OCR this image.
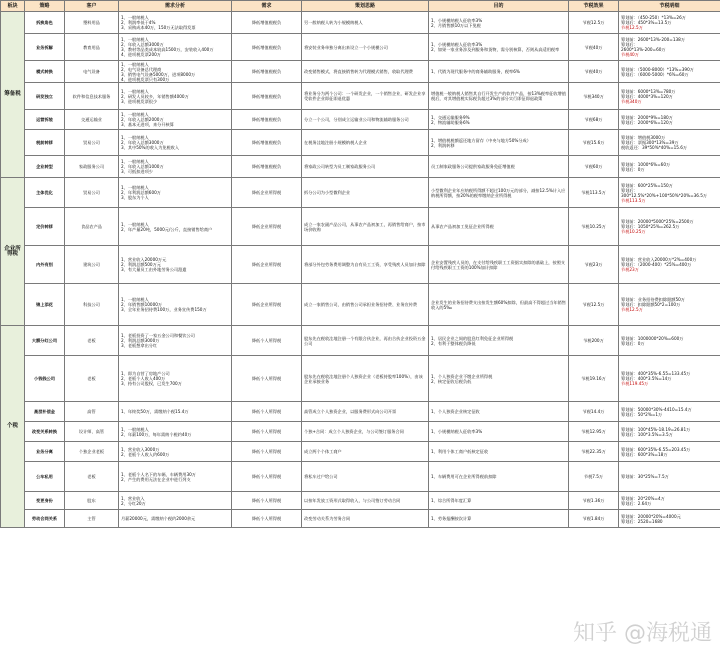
板块	策略	客户	需求分析	需求	策划思路	目的	节税效果	节税明细
筹备税	拆换角色	塑料用品	1、一般纳税人
2、利润率低于4%
3、采购成本40万，150万无法取得发票	降低增值税税负	另一般纳税人转为小规模纳税人	1、小规模纳税人征收率3%
2、月销售额10万以下免税	节税12.5万	筹划前：（450-250）*13%=26万
筹划后：450*3%=13.5万
节税12.5万
	业务拆解	教育用品	1、一般纳税人
2、年收入总额3000万
3、教材等品类成本较高1500万，安装收入400万
4、进项税发票200万	降低增值税税负	将安装业务单独分离出来设立一个小规模公司	1、小规模纳税人征收率3%
2、如果一家业务涉及到服务和货物，需分别核算，否则从高适用税率	节税40万	筹划前：2600*13%-200=138万
筹划后：
2600*13%-200=60万
节税40万
	模式转换	电气设备	1、一般纳税人
2、电气设备总代理商
3、销售电气设备5000万，进项8000万
4、进项税发票只有300万	降低增值税税负	改变销售模式，将直接销售转为代理模式销售，收取代理费	1、代销为现代服务中的商务辅助服务，税率6%	节税40万	筹划前：（5000-8000）*13%=390万
筹划后：（6000-5000）*6%=60万
	研发独立	软件和信息技术服务	1、一般纳税人
2、研发人员较多，年销售额4000万
3、进项税发票很少	降低增值税税负	将业务分为两个公司：一个研发企业，一个销售企业，研发企业享受软件企业即征即退优惠	增值税一般纳税人销售其自行开发生产的软件产品，按13%税率征收增值税后，对其增值税实际税负超过3%的部分实行即征即退政策	节税340万	筹划前：6000*13%=780万
筹划后：4000*3%=120万
节税340万
	运营拆装	交通运输业	1、一般纳税人
2、年收入总额2000万
3、基本无进项，来分开核算	降低增值税税负	分立一个公司，分别成立运输业公司和物流辅助服务公司	1、交通运输服务9%
2、物流辅助服务6%	节税68万	筹划前：2000*9%=180万
筹划后：2000*6%=120万
	税前转移	贸易公司	1、一般纳税人
2、年收入总额3000万
3、其中50%的收入为免税收入	降低增值税税负	在税务洼地注册小规模纳税人企业	1、增值税税额返还地方留存（中央与地方50%分成）
2、利润转移	节税15.6万	筹划前：增值税3000万
筹划后：票据300*13%=39万
税收返还：39*50%*40%=15.6万
	企业转型	家政服务公司	1、一般纳税人
2、年收入总额1000万
3、可抵扣进项少	降低增值税税负	将家政公司转型为员工制家政服务公司	员工制家政服务公司提供家政服务免征增值税	节税60万	筹划前：1000*6%=60万
筹划后：0万
企业所得税	主体优化	贸易公司	1、一般纳税人
2、年利润总额600万
3、股东为个人	降低企业所得税	拆分公司为小型微利企业	小型微利企业年应纳税所得额不超过100万元的部分，减按12.5%计入应纳税所得额，按20%的税率缴纳企业所得税	节税113.5万	筹划前：600*25%=150万
筹划后：300*12.5%*20%+100*50%*20%=36.5万
节税113.5万
	定价转移	食品农产品	1、一般纳税人
2、年产量20吨，5000元/公斤，直接销售给商户	降低企业所得税	成立一家农副产品公司，从事农产品初加工，再销售给商户，按市场价收购	从事农产品初加工免征企业所得税	节税10.25万	筹划前：20000*5000*25%=2500万
筹划后：1050*25%=262.5万
节税10.25万
	内外有别	建筑公司	1、营业收入20000万元
2、利润总额500万元
3、有大量员工由外地劳务公司派遣	降低企业所得税	将部分外包劳务费用调整为自有员工工资，享受残疾人员加计扣除	企业安置残疾人员的，在支付给残疾职工工资据实扣除的基础上，按照支付给残疾职工工资的100%加计扣除	节税23万	筹划前：营业收入20000万*2%=400万
筹划后：（2000-400）*25%=400万
节税23万
	锦上添花	科技公司	1、一般纳税人
2、年销售额10000万
3、全年业务招待费100万，业务宣传费150万	降低企业所得税	成立一家销售公司，由销售公司承担业务招待费、业务宣传费	企业发生的业务招待费支出按发生额60%扣除，但最高不得超过当年销售收入的5‰	节税12.5万	筹划前：业务招待费扣除限额50万
筹划后：扣除限额50*2=100万
节税12.5万
个税	大额分红公司	老板	1、老板投资了一家五金公司和餐饮公司
2、利润总额3000万
3、老板想拿出分红	降低个人所得税	股东先在税收洼地注册一个有限合伙企业，再由合伙企业投资五金公司	1、居民企业之间的股息红利免征企业所得税
2、有利于整体税负降低	节税200万	筹划前：1000000*20%=600万
筹划后：0万
	小钱钱公司	老板	1、即为自营了房地产公司
2、老板个人收入400万
3、持有公司股权，已发生700万	降低个人所得税	股东先在税收洼地注册个人独资企业（老板持股率100%），由该企业承接业务	1、个人独资企业不缴企业所得税
2、核定征收后税负低	节税19.16万	筹划前：400*35%-6.55=133.45万
筹划后：400*3.5%=14万
节税119.45万
	高层补偿金	高管	1、年终奖50万，需缴纳个税15.4万	降低个人所得税	高管成立个人独资企业，以服务费形式向公司开票	1、个人独资企业核定征收	节税14.4万	筹划前：50000*30%-4410=15.4万
筹划后：50*2%=1万
	改变关系转换	设计师、高管	1、一般纳税人
2、年薪100万，每年需纳个税约40万	降低个人所得税	个独+合同：成立个人独资企业，与公司签订服务合同	1、小规模纳税人征收率3%	节税12.95万	筹划前：100*45%-18.19=26.81万
筹划后：100*3.5%=3.5万
	业务分离	个独企业老板	1、营业收入3000万
2、老板个人收入约600万	降低个人所得税	成立两个个体工商户	1、利用个体工商户低核定征收	节税22.35万	筹划前：600*35%-6.55=203.45万
筹划后：600*3%=18万
	公车私用	老板	1、老板个人名下的车辆，车辆费用30万
2、产生的费用无法在企业中进行列支	降低个人所得税	将私车过户给公司	1、车辆费用可在企业所得税前扣除	节税7.5万	筹划前：30*25%=7.5万
	变更身份	股东	1、营业收入
2、分红20万	降低个人所得税	以按年发放工资形式取得收入，与公司签订劳动合同	1、综合所得年度汇算	节税1.36万	筹划前：20*20%=4万
筹划后：2.64万
	劳动合同关系	主管	月薪20000元，需缴纳个税约2000余元	降低个人所得税	改变劳动关系为劳务合同	1、劳务报酬按次计算	节税1.84万	筹划前：20000*20%=4000元
筹划后：2520=1680
知乎 @海税通
